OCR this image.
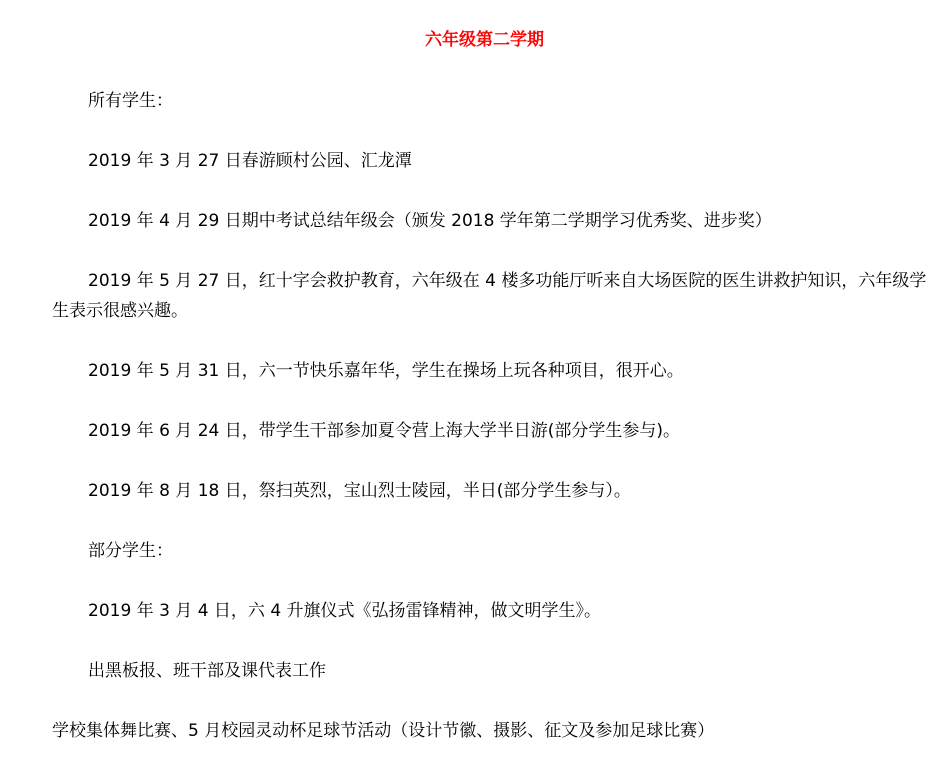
六年级第二学期

所有学生：

2019 年 3 月 27 日春游顾村公园、汇龙潭

2019 年 4 月 29 日期中考试总结年级会（颁发 2018 学年第二学期学习优秀奖、进步奖）

2019 年 5 月 27 日，红十字会救护教育，六年级在 4 楼多功能厅听来自大场医院的医生讲救护知识，六年级学生表示很感兴趣。

2019 年 5 月 31 日，六一节快乐嘉年华，学生在操场上玩各种项目，很开心。

2019 年 6 月 24 日，带学生干部参加夏令营上海大学半日游(部分学生参与)。

2019 年 8 月 18 日，祭扫英烈，宝山烈士陵园，半日(部分学生参与）。

部分学生：

2019 年 3 月 4 日，六 4 升旗仪式《弘扬雷锋精神，做文明学生》。

出黑板报、班干部及课代表工作

学校集体舞比赛、5 月校园灵动杯足球节活动（设计节徽、摄影、征文及参加足球比赛）
